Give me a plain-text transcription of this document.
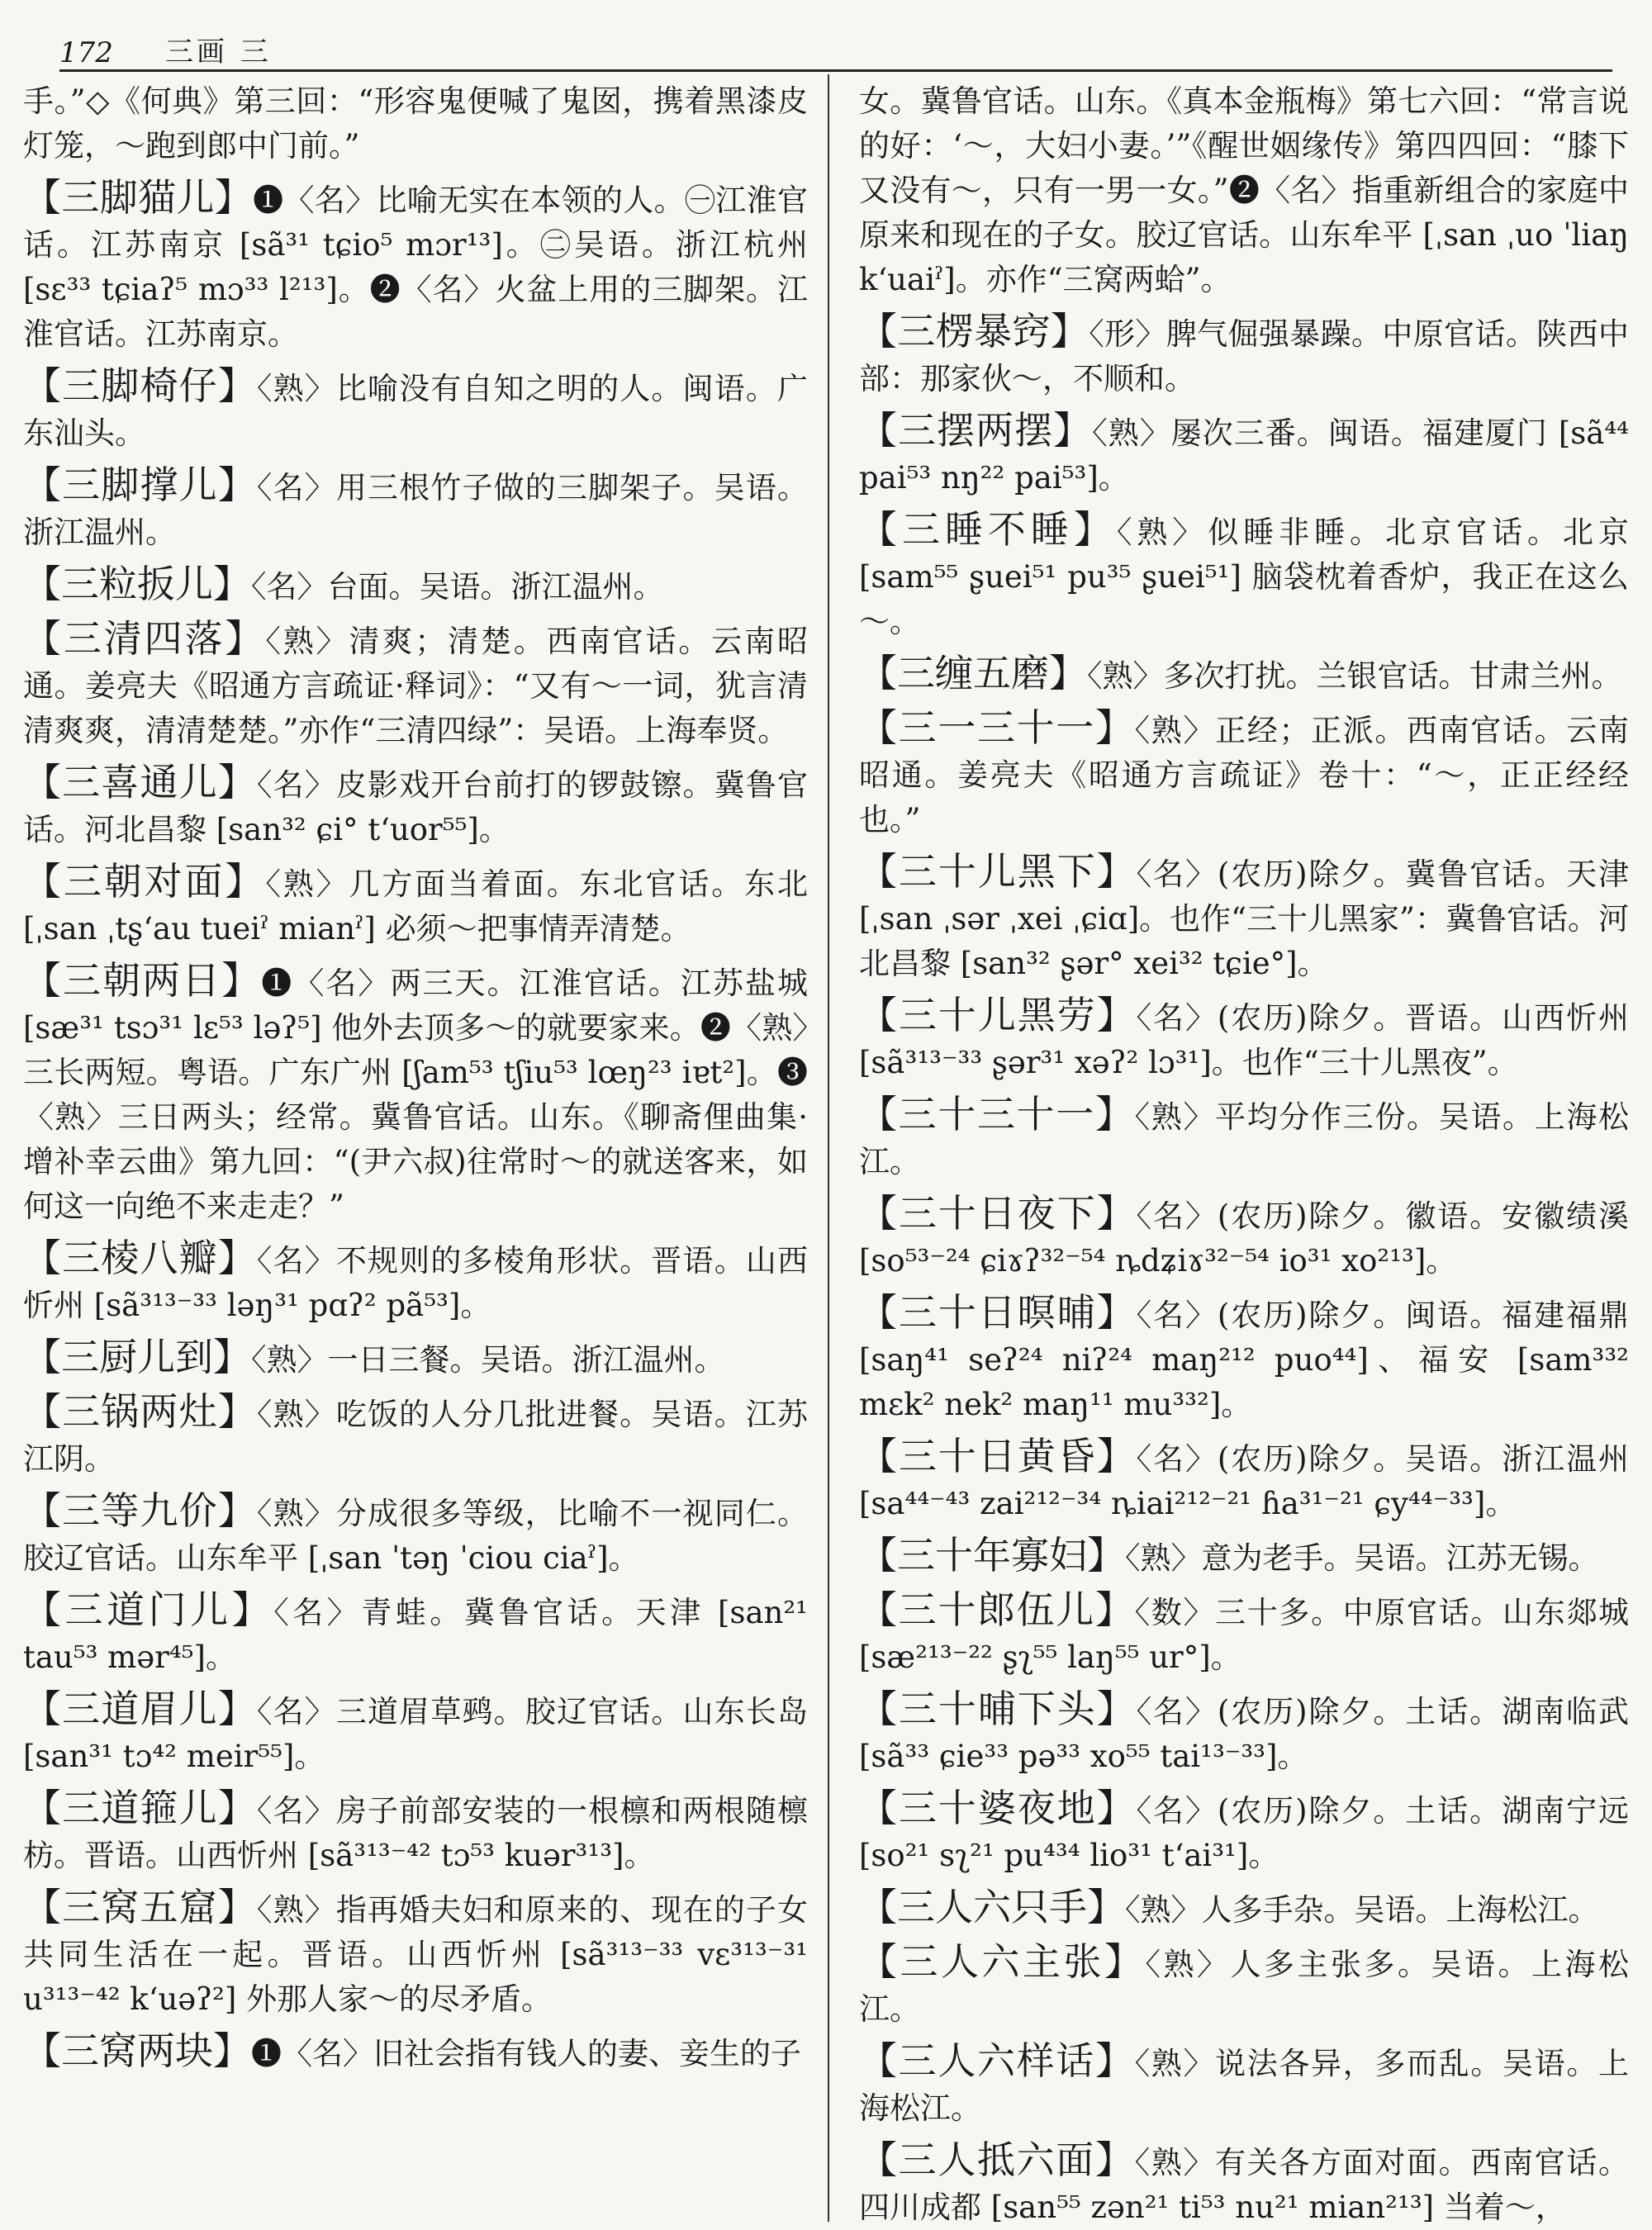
172	三画 三

手。”◇《何典》第三回：“形容鬼便喊了鬼囡，携着黑漆皮灯笼，～跑到郎中门前。”

【三脚猫儿】❶〈名〉比喻无实在本领的人。㊀江淮官话。江苏南京 [sã³¹ tɕio⁵ mɔr¹³]。㊁吴语。浙江杭州 [sɛ³³ tɕiaʔ⁵ mɔ³³ l²¹³]。❷〈名〉火盆上用的三脚架。江淮官话。江苏南京。

【三脚椅仔】〈熟〉比喻没有自知之明的人。闽语。广东汕头。

【三脚撑儿】〈名〉用三根竹子做的三脚架子。吴语。浙江温州。

【三粒扳儿】〈名〉台面。吴语。浙江温州。

【三清四落】〈熟〉清爽；清楚。西南官话。云南昭通。姜亮夫《昭通方言疏证·释词》：“又有～一词，犹言清清爽爽，清清楚楚。”亦作“三清四绿”：吴语。上海奉贤。

【三喜通儿】〈名〉皮影戏开台前打的锣鼓镲。冀鲁官话。河北昌黎 [san³² ɕi° t‘uor⁵⁵]。

【三朝对面】〈熟〉几方面当着面。东北官话。东北 [ˌsan ˌtʂ‘au tueiˀ mianˀ] 必须～把事情弄清楚。

【三朝两日】❶〈名〉两三天。江淮官话。江苏盐城 [sæ³¹ tsɔ³¹ lɛ⁵³ ləʔ⁵] 他外去顶多～的就要家来。❷〈熟〉三长两短。粤语。广东广州 [ʃam⁵³ tʃiu⁵³ lœŋ²³ iɐt²]。❸〈熟〉三日两头；经常。冀鲁官话。山东。《聊斋俚曲集·增补幸云曲》第九回：“(尹六叔)往常时～的就送客来，如何这一向绝不来走走？”

【三棱八瓣】〈名〉不规则的多棱角形状。晋语。山西忻州 [sã³¹³⁻³³ ləŋ³¹ pɑʔ² pã⁵³]。

【三厨儿到】〈熟〉一日三餐。吴语。浙江温州。

【三锅两灶】〈熟〉吃饭的人分几批进餐。吴语。江苏江阴。

【三等九价】〈熟〉分成很多等级，比喻不一视同仁。胶辽官话。山东牟平 [ˌsan ˈtəŋ ˈciou ciaˀ]。

【三道门儿】〈名〉青蛙。冀鲁官话。天津 [san²¹ tau⁵³ mər⁴⁵]。

【三道眉儿】〈名〉三道眉草鹀。胶辽官话。山东长岛 [san³¹ tɔ⁴² meir⁵⁵]。

【三道箍儿】〈名〉房子前部安装的一根檩和两根随檩枋。晋语。山西忻州 [sã³¹³⁻⁴² tɔ⁵³ kuər³¹³]。

【三窝五窟】〈熟〉指再婚夫妇和原来的、现在的子女共同生活在一起。晋语。山西忻州 [sã³¹³⁻³³ vɛ³¹³⁻³¹ u³¹³⁻⁴² k‘uəʔ²] 外那人家～的尽矛盾。

【三窝两块】❶〈名〉旧社会指有钱人的妻、妾生的子

女。冀鲁官话。山东。《真本金瓶梅》第七六回：“常言说的好：‘～，大妇小妻。’”《醒世姻缘传》第四四回：“膝下又没有～，只有一男一女。”❷〈名〉指重新组合的家庭中原来和现在的子女。胶辽官话。山东牟平 [ˌsan ˌuo ˈliaŋ k‘uaiˀ]。亦作“三窝两蛤”。

【三楞暴窍】〈形〉脾气倔强暴躁。中原官话。陕西中部：那家伙～，不顺和。

【三摆两摆】〈熟〉屡次三番。闽语。福建厦门 [sã⁴⁴ pai⁵³ nŋ²² pai⁵³]。

【三睡不睡】〈熟〉似睡非睡。北京官话。北京 [sam⁵⁵ ʂuei⁵¹ pu³⁵ ʂuei⁵¹] 脑袋枕着香炉，我正在这么～。

【三缠五磨】〈熟〉多次打扰。兰银官话。甘肃兰州。

【三一三十一】〈熟〉正经；正派。西南官话。云南昭通。姜亮夫《昭通方言疏证》卷十：“～，正正经经也。”

【三十儿黑下】〈名〉(农历)除夕。冀鲁官话。天津 [ˌsan ˌsər ˌxei ˌɕiɑ]。也作“三十儿黑家”：冀鲁官话。河北昌黎 [san³² ʂər° xei³² tɕie°]。

【三十儿黑劳】〈名〉(农历)除夕。晋语。山西忻州 [sã³¹³⁻³³ ʂər³¹ xəʔ² lɔ³¹]。也作“三十儿黑夜”。

【三十三十一】〈熟〉平均分作三份。吴语。上海松江。

【三十日夜下】〈名〉(农历)除夕。徽语。安徽绩溪 [so⁵³⁻²⁴ ɕiɤʔ³²⁻⁵⁴ ȵdʑiɤ³²⁻⁵⁴ io³¹ xo²¹³]。

【三十日暝晡】〈名〉(农历)除夕。闽语。福建福鼎 [saŋ⁴¹ seʔ²⁴ niʔ²⁴ maŋ²¹² puo⁴⁴]、福安 [sam³³² mɛk² nek² maŋ¹¹ mu³³²]。

【三十日黄昏】〈名〉(农历)除夕。吴语。浙江温州 [sa⁴⁴⁻⁴³ zai²¹²⁻³⁴ ȵiai²¹²⁻²¹ ɦa³¹⁻²¹ ɕy⁴⁴⁻³³]。

【三十年寡妇】〈熟〉意为老手。吴语。江苏无锡。

【三十郎伍儿】〈数〉三十多。中原官话。山东郯城 [sæ²¹³⁻²² ʂʅ⁵⁵ laŋ⁵⁵ ur°]。

【三十晡下头】〈名〉(农历)除夕。土话。湖南临武 [sã³³ ɕie³³ pə³³ xo⁵⁵ tai¹³⁻³³]。

【三十婆夜地】〈名〉(农历)除夕。土话。湖南宁远 [so²¹ sʅ²¹ pu⁴³⁴ lio³¹ t‘ai³¹]。

【三人六只手】〈熟〉人多手杂。吴语。上海松江。

【三人六主张】〈熟〉人多主张多。吴语。上海松江。

【三人六样话】〈熟〉说法各异，多而乱。吴语。上海松江。

【三人抵六面】〈熟〉有关各方面对面。西南官话。四川成都 [san⁵⁵ zən²¹ ti⁵³ nu²¹ mian²¹³] 当着～，
